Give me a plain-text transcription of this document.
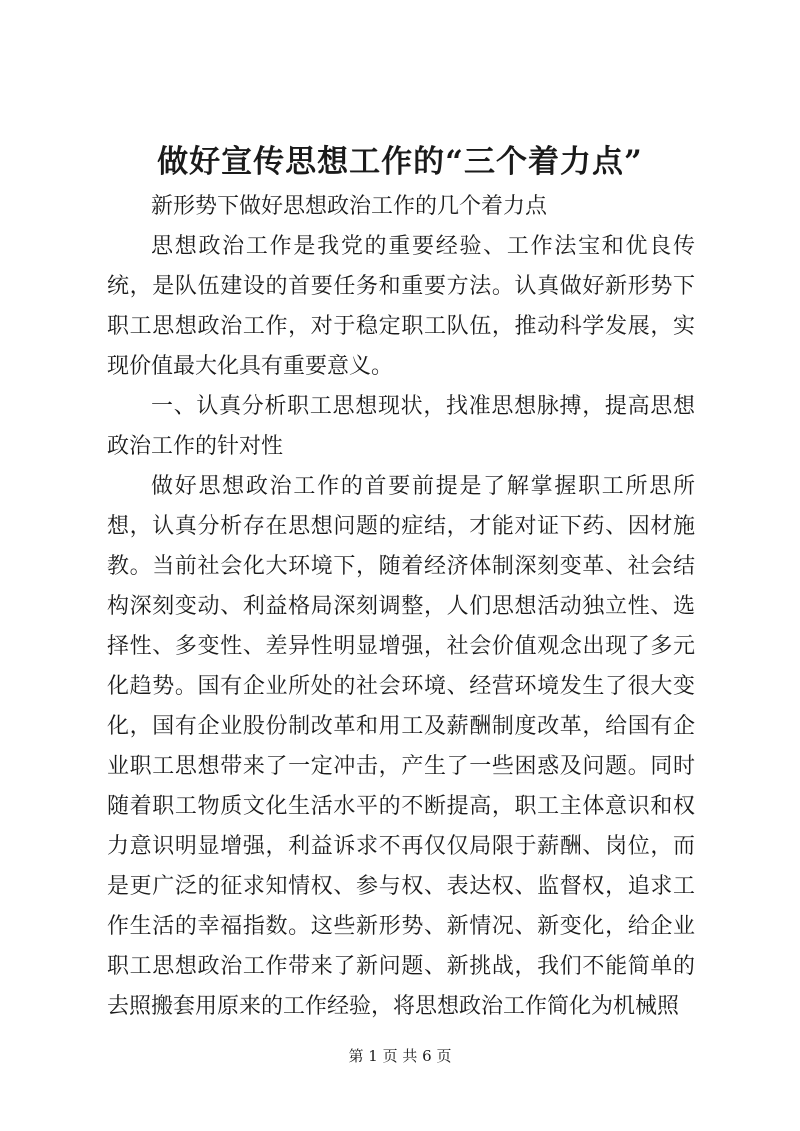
做好宣传思想工作的“三个着力点”

新形势下做好思想政治工作的几个着力点

思想政治工作是我党的重要经验、工作法宝和优良传统，是队伍建设的首要任务和重要方法。认真做好新形势下职工思想政治工作，对于稳定职工队伍，推动科学发展，实现价值最大化具有重要意义。

一、认真分析职工思想现状，找准思想脉搏，提高思想政治工作的针对性

做好思想政治工作的首要前提是了解掌握职工所思所想，认真分析存在思想问题的症结，才能对证下药、因材施教。当前社会化大环境下，随着经济体制深刻变革、社会结构深刻变动、利益格局深刻调整，人们思想活动独立性、选择性、多变性、差异性明显增强，社会价值观念出现了多元化趋势。国有企业所处的社会环境、经营环境发生了很大变化，国有企业股份制改革和用工及薪酬制度改革，给国有企业职工思想带来了一定冲击，产生了一些困惑及问题。同时随着职工物质文化生活水平的不断提高，职工主体意识和权力意识明显增强，利益诉求不再仅仅局限于薪酬、岗位，而是更广泛的征求知情权、参与权、表达权、监督权，追求工作生活的幸福指数。这些新形势、新情况、新变化，给企业职工思想政治工作带来了新问题、新挑战，我们不能简单的去照搬套用原来的工作经验，将思想政治工作简化为机械照

第 1 页 共 6 页
